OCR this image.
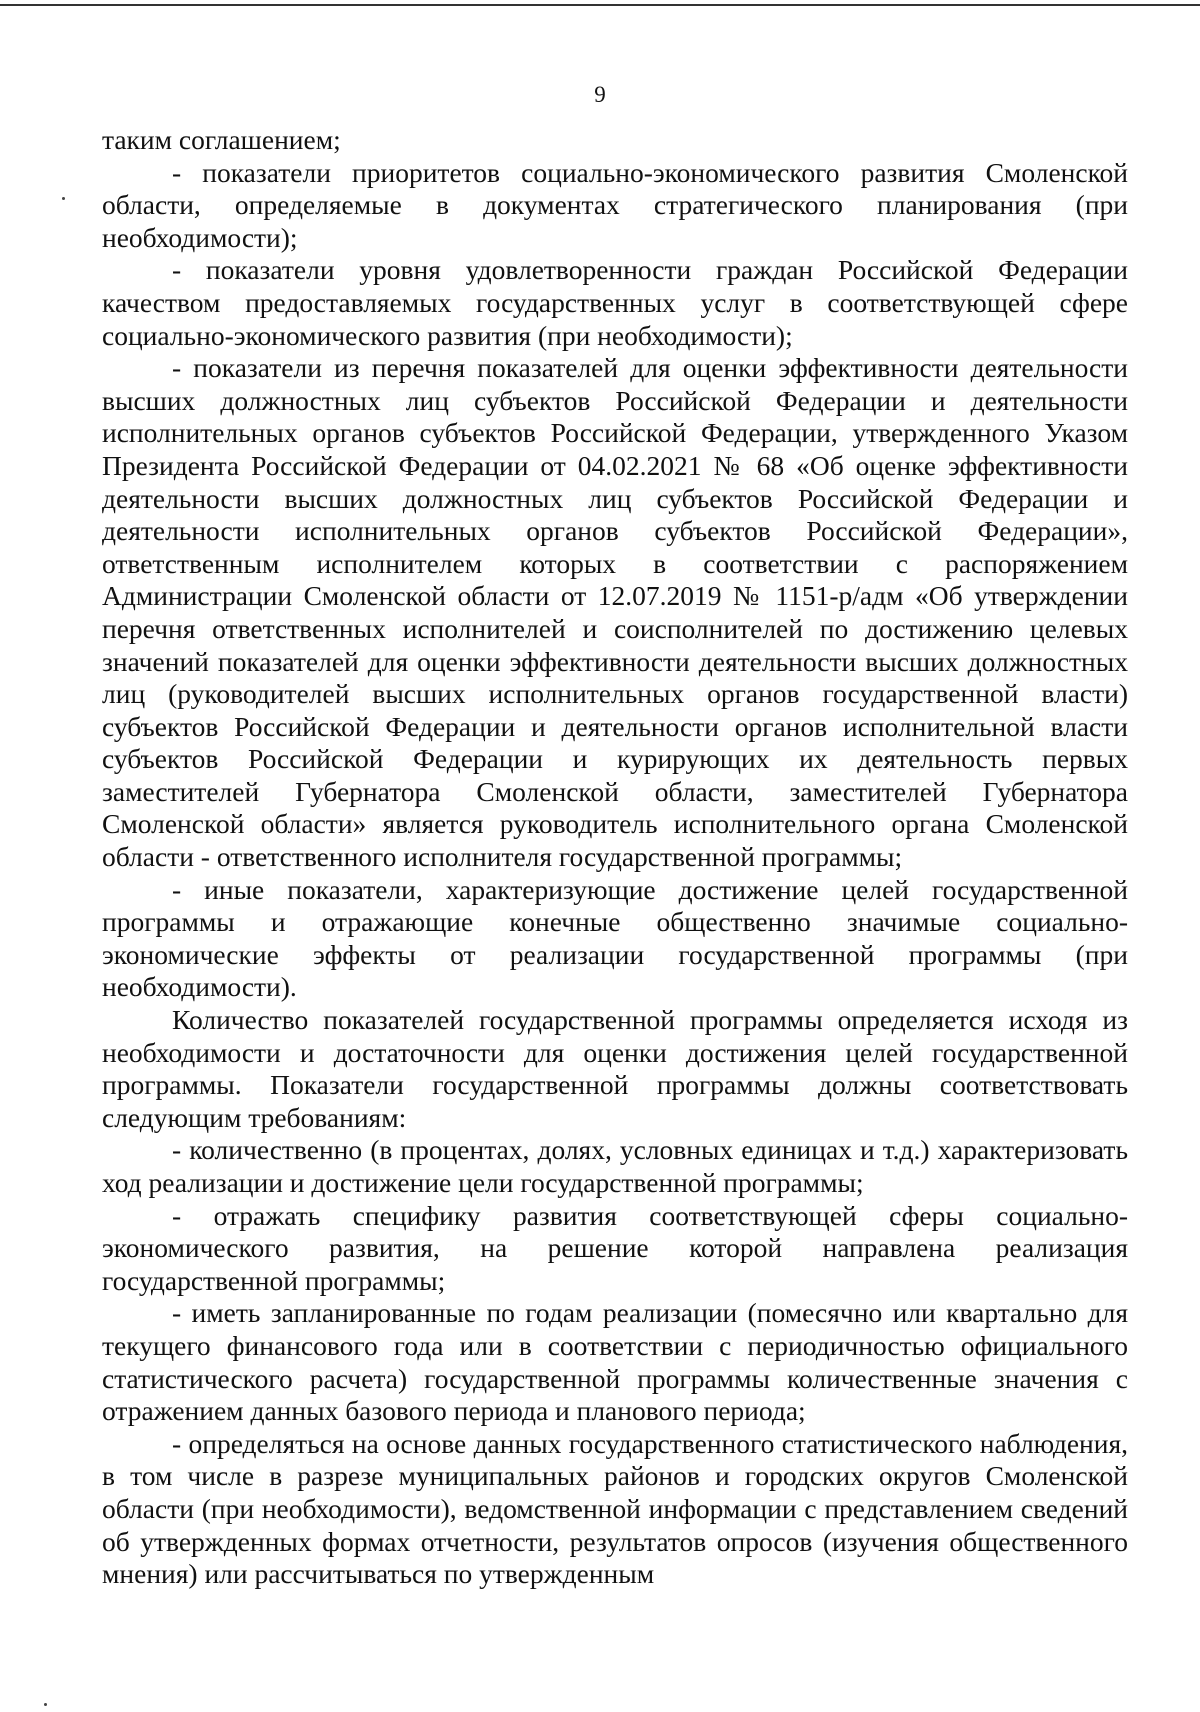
9

таким соглашением;

- показатели приоритетов социально-экономического развития Смоленской области, определяемые в документах стратегического планирования (при необходимости);

- показатели уровня удовлетворенности граждан Российской Федерации качеством предоставляемых государственных услуг в соответствующей сфере социально-экономического развития (при необходимости);

- показатели из перечня показателей для оценки эффективности деятельности высших должностных лиц субъектов Российской Федерации и деятельности исполнительных органов субъектов Российской Федерации, утвержденного Указом Президента Российской Федерации от 04.02.2021 № 68 «Об оценке эффективности деятельности высших должностных лиц субъектов Российской Федерации и деятельности исполнительных органов субъектов Российской Федерации», ответственным исполнителем которых в соответствии с распоряжением Администрации Смоленской области от 12.07.2019 № 1151-р/адм «Об утверждении перечня ответственных исполнителей и соисполнителей по достижению целевых значений показателей для оценки эффективности деятельности высших должностных лиц (руководителей высших исполнительных органов государственной власти) субъектов Российской Федерации и деятельности органов исполнительной власти субъектов Российской Федерации и курирующих их деятельность первых заместителей Губернатора Смоленской области, заместителей Губернатора Смоленской области» является руководитель исполнительного органа Смоленской области - ответственного исполнителя государственной программы;

- иные показатели, характеризующие достижение целей государственной программы и отражающие конечные общественно значимые социально-экономические эффекты от реализации государственной программы (при необходимости).

Количество показателей государственной программы определяется исходя из необходимости и достаточности для оценки достижения целей государственной программы. Показатели государственной программы должны соответствовать следующим требованиям:

- количественно (в процентах, долях, условных единицах и т.д.) характеризовать ход реализации и достижение цели государственной программы;

- отражать специфику развития соответствующей сферы социально-экономического развития, на решение которой направлена реализация государственной программы;

- иметь запланированные по годам реализации (помесячно или квартально для текущего финансового года или в соответствии с периодичностью официального статистического расчета) государственной программы количественные значения с отражением данных базового периода и планового периода;

- определяться на основе данных государственного статистического наблюдения, в том числе в разрезе муниципальных районов и городских округов Смоленской области (при необходимости), ведомственной информации с представлением сведений об утвержденных формах отчетности, результатов опросов (изучения общественного мнения) или рассчитываться по утвержденным
